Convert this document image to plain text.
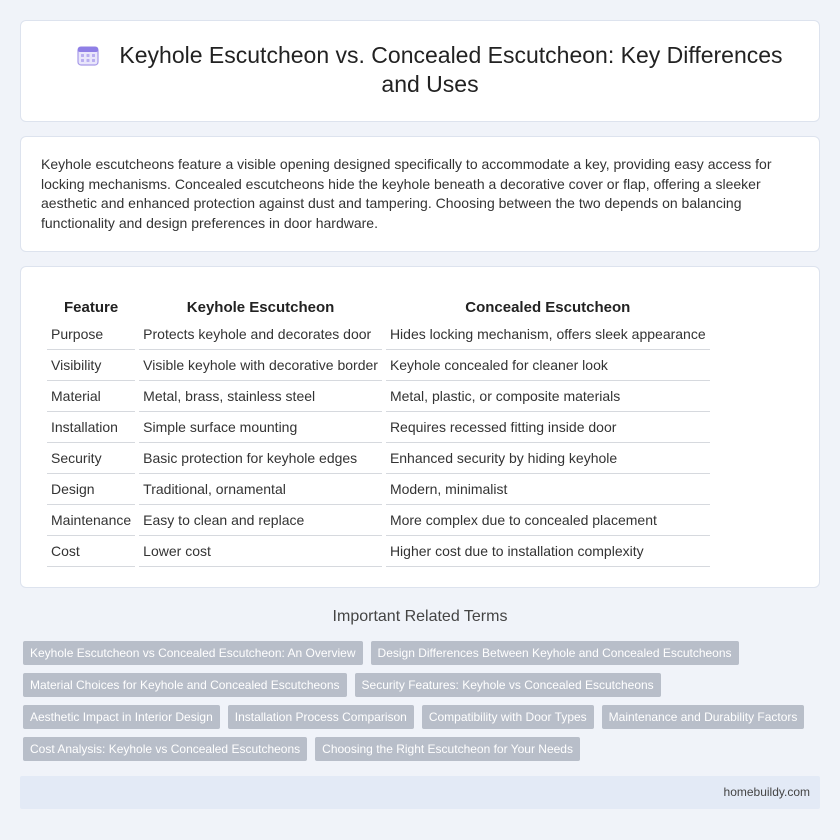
Keyhole Escutcheon vs. Concealed Escutcheon: Key Differences and Uses

Keyhole escutcheons feature a visible opening designed specifically to accommodate a key, providing easy access for locking mechanisms. Concealed escutcheons hide the keyhole beneath a decorative cover or flap, offering a sleeker aesthetic and enhanced protection against dust and tampering. Choosing between the two depends on balancing functionality and design preferences in door hardware.

Feature	Keyhole Escutcheon	Concealed Escutcheon
Purpose	Protects keyhole and decorates door	Hides locking mechanism, offers sleek appearance
Visibility	Visible keyhole with decorative border	Keyhole concealed for cleaner look
Material	Metal, brass, stainless steel	Metal, plastic, or composite materials
Installation	Simple surface mounting	Requires recessed fitting inside door
Security	Basic protection for keyhole edges	Enhanced security by hiding keyhole
Design	Traditional, ornamental	Modern, minimalist
Maintenance	Easy to clean and replace	More complex due to concealed placement
Cost	Lower cost	Higher cost due to installation complexity
Important Related Terms
Keyhole Escutcheon vs Concealed Escutcheon: An Overview	Design Differences Between Keyhole and Concealed Escutcheons
Material Choices for Keyhole and Concealed Escutcheons	Security Features: Keyhole vs Concealed Escutcheons
Aesthetic Impact in Interior Design	Installation Process Comparison	Compatibility with Door Types	Maintenance and Durability Factors
Cost Analysis: Keyhole vs Concealed Escutcheons	Choosing the Right Escutcheon for Your Needs
homebuildy.com
